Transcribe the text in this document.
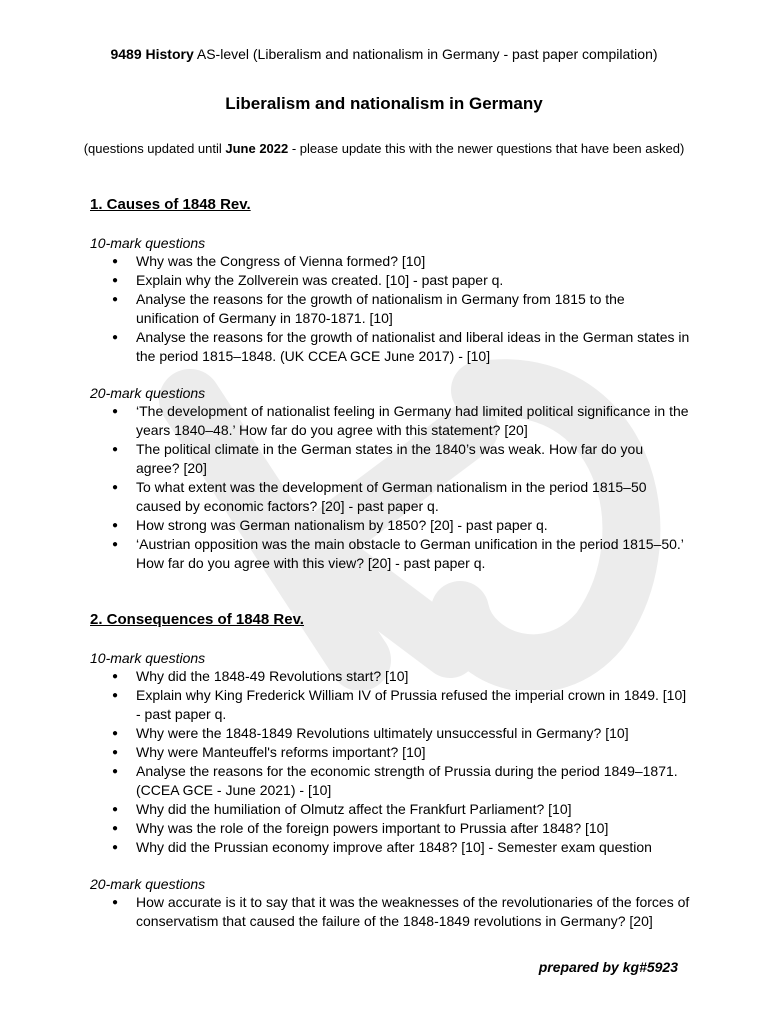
9489 History AS-level (Liberalism and nationalism in Germany - past paper compilation)
Liberalism and nationalism in Germany
(questions updated until June 2022 - please update this with the newer questions that have been asked)
1. Causes of 1848 Rev.
10-mark questions
● Why was the Congress of Vienna formed? [10]
● Explain why the Zollverein was created. [10] - past paper q.
● Analyse the reasons for the growth of nationalism in Germany from 1815 to the unification of Germany in 1870-1871. [10]
● Analyse the reasons for the growth of nationalist and liberal ideas in the German states in the period 1815–1848. (UK CCEA GCE June 2017) - [10]
20-mark questions
● ‘The development of nationalist feeling in Germany had limited political significance in the years 1840–48.’ How far do you agree with this statement? [20]
● The political climate in the German states in the 1840’s was weak. How far do you agree? [20]
● To what extent was the development of German nationalism in the period 1815–50 caused by economic factors? [20] - past paper q.
● How strong was German nationalism by 1850? [20] - past paper q.
● ‘Austrian opposition was the main obstacle to German unification in the period 1815–50.’ How far do you agree with this view? [20] - past paper q.
2. Consequences of 1848 Rev.
10-mark questions
● Why did the 1848-49 Revolutions start? [10]
● Explain why King Frederick William IV of Prussia refused the imperial crown in 1849. [10] - past paper q.
● Why were the 1848-1849 Revolutions ultimately unsuccessful in Germany? [10]
● Why were Manteuffel's reforms important? [10]
● Analyse the reasons for the economic strength of Prussia during the period 1849–1871. (CCEA GCE - June 2021) - [10]
● Why did the humiliation of Olmutz affect the Frankfurt Parliament? [10]
● Why was the role of the foreign powers important to Prussia after 1848? [10]
● Why did the Prussian economy improve after 1848? [10] - Semester exam question
20-mark questions
● How accurate is it to say that it was the weaknesses of the revolutionaries of the forces of conservatism that caused the failure of the 1848-1849 revolutions in Germany? [20]
prepared by kg#5923
